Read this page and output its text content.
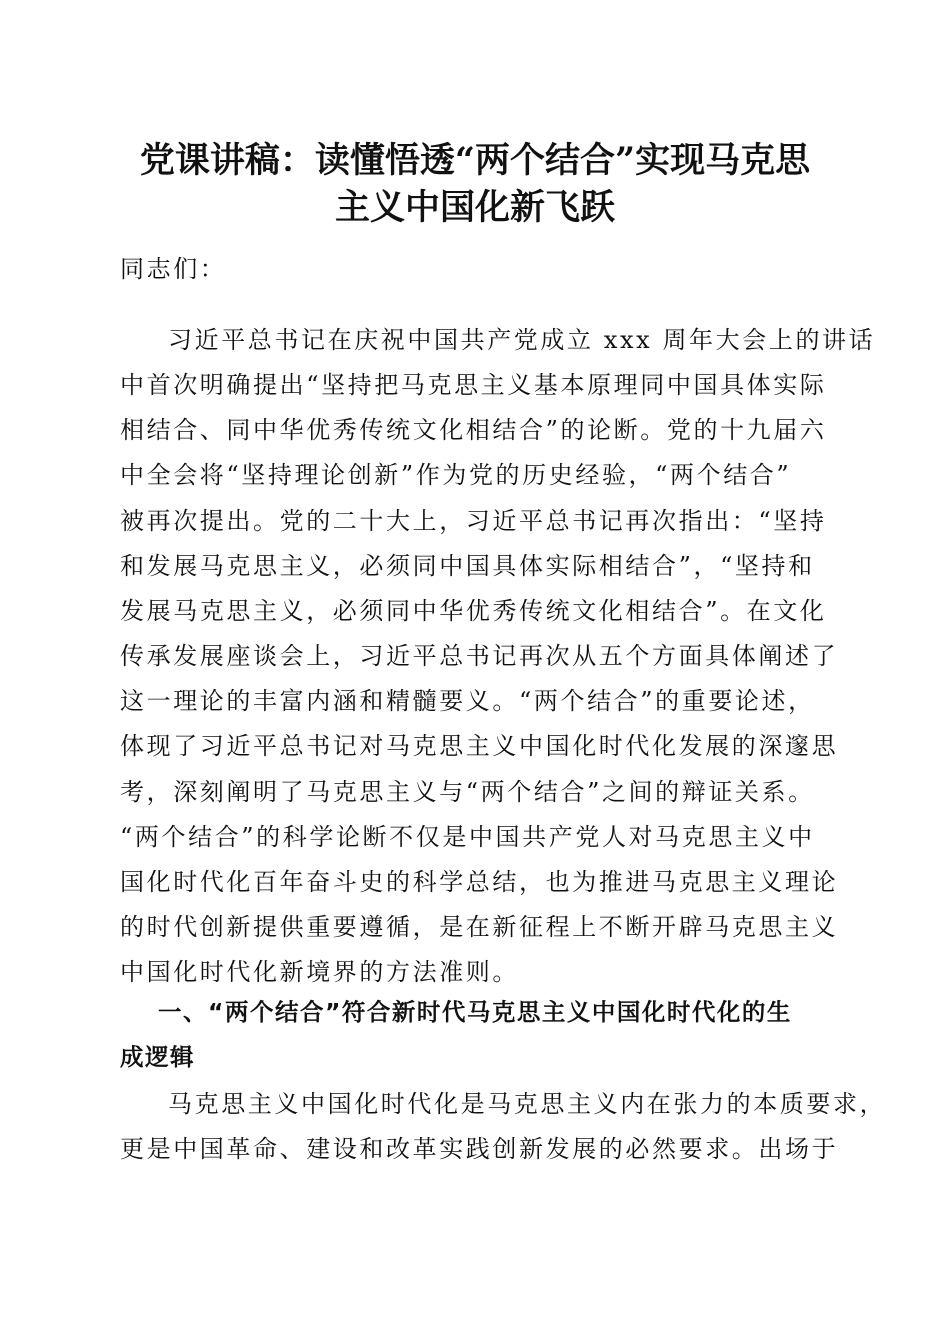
党课讲稿：读懂悟透“两个结合”实现马克思
主义中国化新飞跃
同志们：
习近平总书记在庆祝中国共产党成立 xxx 周年大会上的讲话
中首次明确提出“坚持把马克思主义基本原理同中国具体实际
相结合、同中华优秀传统文化相结合”的论断。党的十九届六
中全会将“坚持理论创新”作为党的历史经验，“两个结合”
被再次提出。党的二十大上，习近平总书记再次指出：“坚持
和发展马克思主义，必须同中国具体实际相结合”，“坚持和
发展马克思主义，必须同中华优秀传统文化相结合”。在文化
传承发展座谈会上，习近平总书记再次从五个方面具体阐述了
这一理论的丰富内涵和精髓要义。“两个结合”的重要论述，
体现了习近平总书记对马克思主义中国化时代化发展的深邃思
考，深刻阐明了马克思主义与“两个结合”之间的辩证关系。
“两个结合”的科学论断不仅是中国共产党人对马克思主义中
国化时代化百年奋斗史的科学总结，也为推进马克思主义理论
的时代创新提供重要遵循，是在新征程上不断开辟马克思主义
中国化时代化新境界的方法准则。
一、“两个结合”符合新时代马克思主义中国化时代化的生
成逻辑
马克思主义中国化时代化是马克思主义内在张力的本质要求，
更是中国革命、建设和改革实践创新发展的必然要求。出场于
